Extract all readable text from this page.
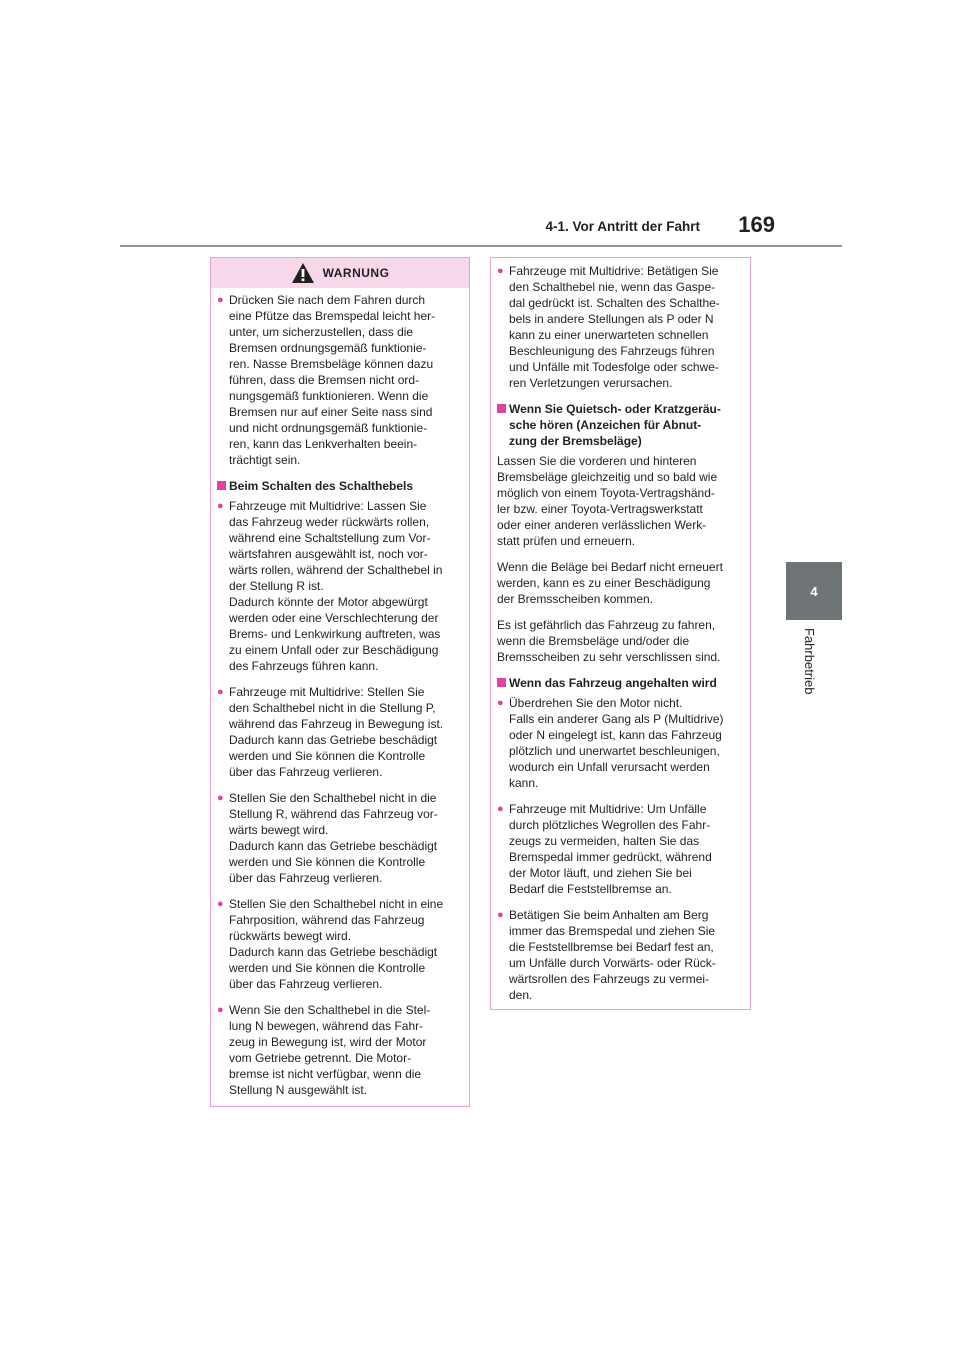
4-1. Vor Antritt der Fahrt	169
4
Fahrbetrieb
WARNUNG
● Drücken Sie nach dem Fahren durch
eine Pfütze das Bremspedal leicht her-
unter, um sicherzustellen, dass die
Bremsen ordnungsgemäß funktionie-
ren. Nasse Bremsbeläge können dazu
führen, dass die Bremsen nicht ord-
nungsgemäß funktionieren. Wenn die
Bremsen nur auf einer Seite nass sind
und nicht ordnungsgemäß funktionie-
ren, kann das Lenkverhalten beein-
trächtigt sein.
Beim Schalten des Schalthebels
● Fahrzeuge mit Multidrive: Lassen Sie
das Fahrzeug weder rückwärts rollen,
während eine Schaltstellung zum Vor-
wärtsfahren ausgewählt ist, noch vor-
wärts rollen, während der Schalthebel in
der Stellung R ist.
Dadurch könnte der Motor abgewürgt
werden oder eine Verschlechterung der
Brems- und Lenkwirkung auftreten, was
zu einem Unfall oder zur Beschädigung
des Fahrzeugs führen kann.
● Fahrzeuge mit Multidrive: Stellen Sie
den Schalthebel nicht in die Stellung P,
während das Fahrzeug in Bewegung ist.
Dadurch kann das Getriebe beschädigt
werden und Sie können die Kontrolle
über das Fahrzeug verlieren.
● Stellen Sie den Schalthebel nicht in die
Stellung R, während das Fahrzeug vor-
wärts bewegt wird.
Dadurch kann das Getriebe beschädigt
werden und Sie können die Kontrolle
über das Fahrzeug verlieren.
● Stellen Sie den Schalthebel nicht in eine
Fahrposition, während das Fahrzeug
rückwärts bewegt wird.
Dadurch kann das Getriebe beschädigt
werden und Sie können die Kontrolle
über das Fahrzeug verlieren.
● Wenn Sie den Schalthebel in die Stel-
lung N bewegen, während das Fahr-
zeug in Bewegung ist, wird der Motor
vom Getriebe getrennt. Die Motor-
bremse ist nicht verfügbar, wenn die
Stellung N ausgewählt ist.
● Fahrzeuge mit Multidrive: Betätigen Sie
den Schalthebel nie, wenn das Gaspe-
dal gedrückt ist. Schalten des Schalthe-
bels in andere Stellungen als P oder N
kann zu einer unerwarteten schnellen
Beschleunigung des Fahrzeugs führen
und Unfälle mit Todesfolge oder schwe-
ren Verletzungen verursachen.
Wenn Sie Quietsch- oder Kratzgeräu-
sche hören (Anzeichen für Abnut-
zung der Bremsbeläge)

Lassen Sie die vorderen und hinteren
Bremsbeläge gleichzeitig und so bald wie
möglich von einem Toyota-Vertragshänd-
ler bzw. einer Toyota-Vertragswerkstatt
oder einer anderen verlässlichen Werk-
statt prüfen und erneuern.

Wenn die Beläge bei Bedarf nicht erneuert
werden, kann es zu einer Beschädigung
der Bremsscheiben kommen.

Es ist gefährlich das Fahrzeug zu fahren,
wenn die Bremsbeläge und/oder die
Bremsscheiben zu sehr verschlissen sind.

Wenn das Fahrzeug angehalten wird
● Überdrehen Sie den Motor nicht.
Falls ein anderer Gang als P (Multidrive)
oder N eingelegt ist, kann das Fahrzeug
plötzlich und unerwartet beschleunigen,
wodurch ein Unfall verursacht werden
kann.
● Fahrzeuge mit Multidrive: Um Unfälle
durch plötzliches Wegrollen des Fahr-
zeugs zu vermeiden, halten Sie das
Bremspedal immer gedrückt, während
der Motor läuft, und ziehen Sie bei
Bedarf die Feststellbremse an.
● Betätigen Sie beim Anhalten am Berg
immer das Bremspedal und ziehen Sie
die Feststellbremse bei Bedarf fest an,
um Unfälle durch Vorwärts- oder Rück-
wärtsrollen des Fahrzeugs zu vermei-
den.
